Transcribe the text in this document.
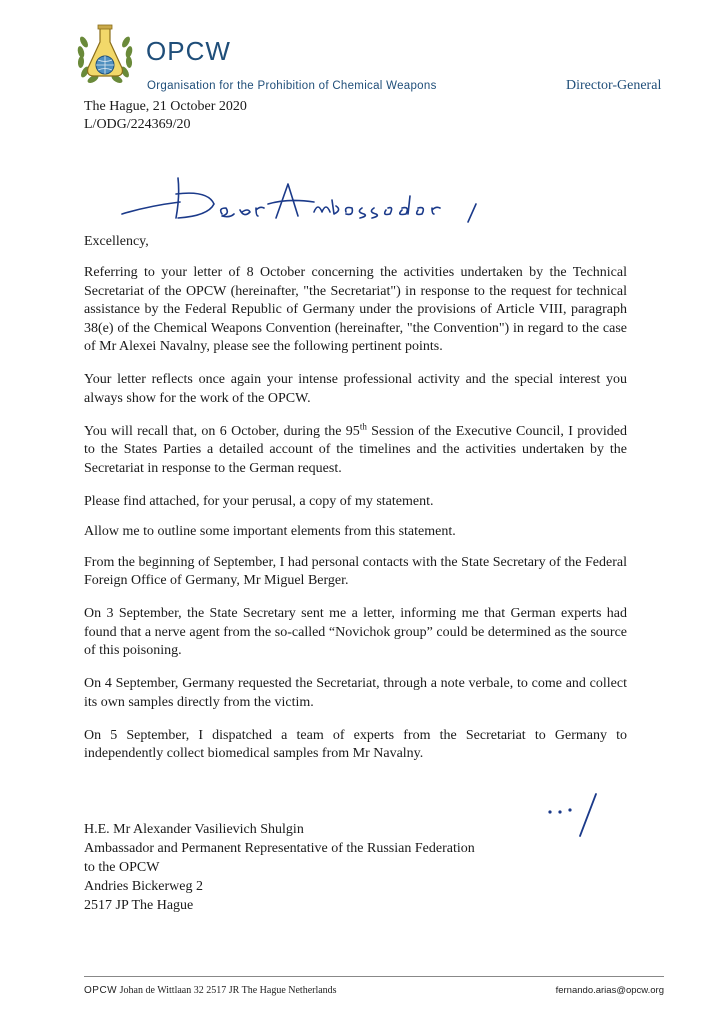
OPCW
Organisation for the Prohibition of Chemical Weapons	Director-General
The Hague, 21 October 2020
L/ODG/224369/20
Excellency,

Referring to your letter of 8 October concerning the activities undertaken by the Technical Secretariat of the OPCW (hereinafter, "the Secretariat") in response to the request for technical assistance by the Federal Republic of Germany under the provisions of Article VIII, paragraph 38(e) of the Chemical Weapons Convention (hereinafter, "the Convention") in regard to the case of Mr Alexei Navalny, please see the following pertinent points.

Your letter reflects once again your intense professional activity and the special interest you always show for the work of the OPCW.

You will recall that, on 6 October, during the 95th Session of the Executive Council, I provided to the States Parties a detailed account of the timelines and the activities undertaken by the Secretariat in response to the German request.

Please find attached, for your perusal, a copy of my statement.

Allow me to outline some important elements from this statement.

From the beginning of September, I had personal contacts with the State Secretary of the Federal Foreign Office of Germany, Mr Miguel Berger.

On 3 September, the State Secretary sent me a letter, informing me that German experts had found that a nerve agent from the so-called “Novichok group” could be determined as the source of this poisoning.

On 4 September, Germany requested the Secretariat, through a note verbale, to come and collect its own samples directly from the victim.

On 5 September, I dispatched a team of experts from the Secretariat to Germany to independently collect biomedical samples from Mr Navalny.

H.E. Mr Alexander Vasilievich Shulgin
Ambassador and Permanent Representative of the Russian Federation
to the OPCW
Andries Bickerweg 2
2517 JP The Hague
OPCW Johan de Wittlaan 32 2517 JR The Hague Netherlands	fernando.arias@opcw.org
